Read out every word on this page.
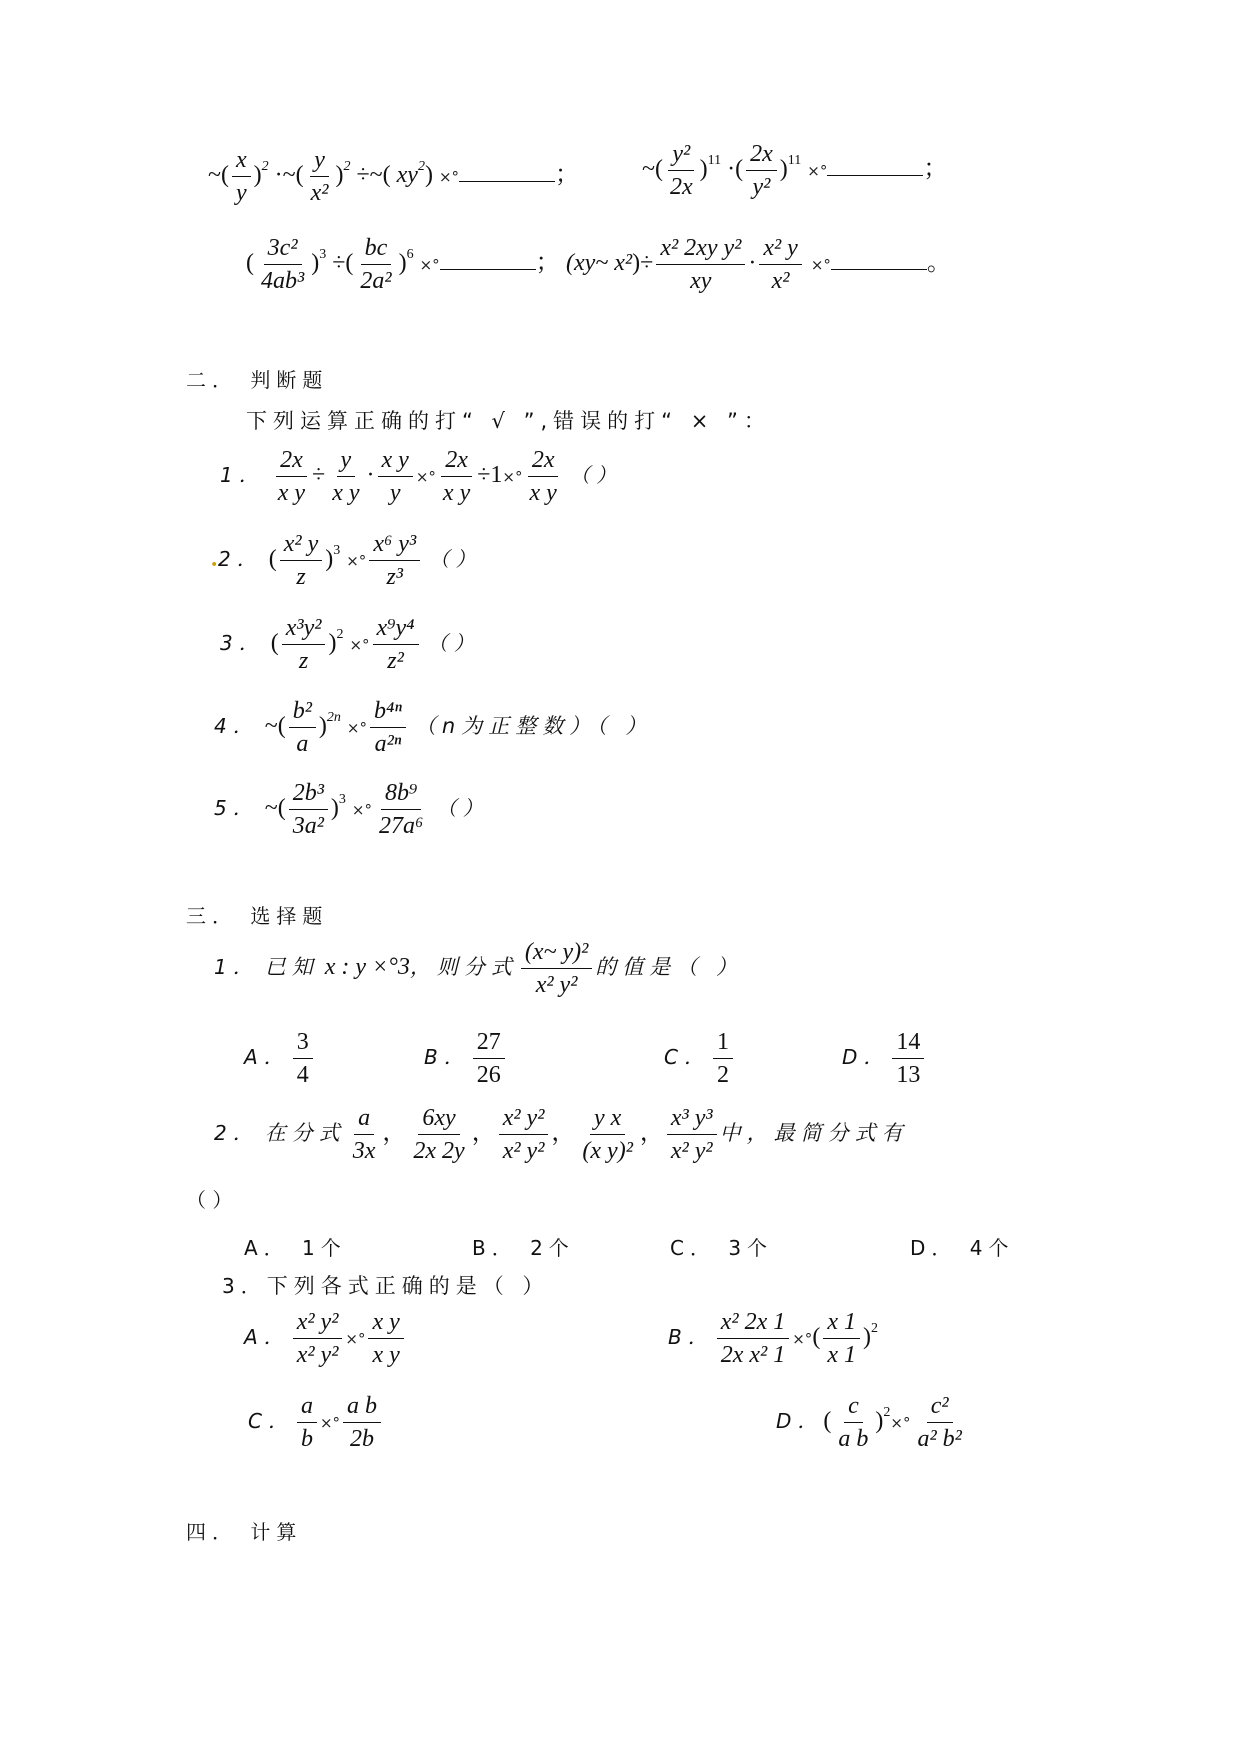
~( $\frac{x}{y} )^2$ ·~( $\frac{y}{\text{x²}} )^2$ ÷~( $xy^2$) ×°	；	~( $\frac{\text{y²}}{2x} )^{11}$ ·( $\frac{2x}{\text{y²}} )^{11}$ ×°	；
( $\frac{\text{3c²}}{\text{4ab³}} )^3$ ÷( $\frac{bc}{\text{2a²}} )^6$ ×°	； (xy~ $x^2)\div \frac{\text{x² 2xy y²}}{xy} \cdot \frac{\text{x² y}}{\text{x²}}$ ×°	。
二． 判断题
下列运算正确的打“ √ ”,错误的打“ × ”：
1． $\frac{2x}{\text{x y}} \div \frac{y}{\text{x y}} \cdot \frac{\text{x y}}{y}$ ×° $\frac{2x}{\text{x y}} \div 1\times^\circ \frac{2x}{\text{x y}}$ （ ）
.2． ( $\frac{\text{x² y}}{z} )^3$ ×° $\frac{\text{x⁶ y³}}{\text{z³}}$ （ ）
3． ( $\frac{\text{x³y²}}{z} )^2$ ×° $\frac{\text{x⁹y⁴}}{\text{z²}}$ （ ）
4． ~( $\frac{\text{b²}}{a} )^{2n}$ ×° $\frac{\text{b⁴ⁿ}}{\text{a²ⁿ}} (n$为正整数）（ ）
5． ~( $\frac{\text{2b³}}{\text{3a²}} )^3$ ×° $\frac{\text{8b⁹}}{\text{27a⁶}}$ （ ）
三． 选择题
1． 已知 x : y ×°3，则分式 $\frac{\text{(x\textasciitilde{} y)²}}{\text{x² y²}}$ 的值是（ ）
A． $\frac{3}{4}$	B． $\frac{27}{26}$	C． $\frac{1}{2}$	D． $\frac{14}{13}$
2． 在分式 $\frac{a}{3x}$ ， $\frac{6xy}{2x 2y}$ ， $\frac{\text{x² y²}}{\text{x² y²}}$ ， $\frac{\text{y x}}{\text{(x y)²}}$ ， $\frac{\text{x³ y³}}{\text{x² y²}}$ 中，最简分式有
（ ）
A． 1个	B． 2个	C． 3个	D． 4个
3．下列各式正确的是（ ）
A． $\frac{\text{x² y²}}{\text{x² y²}}$ ×° $\frac{\text{x y}}{\text{x y}}$	B． $\frac{\text{x² 2x 1}}{\text{2x x² 1}}$ ×°( $\frac{x 1}{x 1} )^2$
C． $\frac{a}{b}$ ×° $\frac{\text{a b}}{2b}$	D．( $\frac{c}{\text{a b}} )^2\times^\circ \frac{\text{c²}}{\text{a² b²}}$
四． 计算
